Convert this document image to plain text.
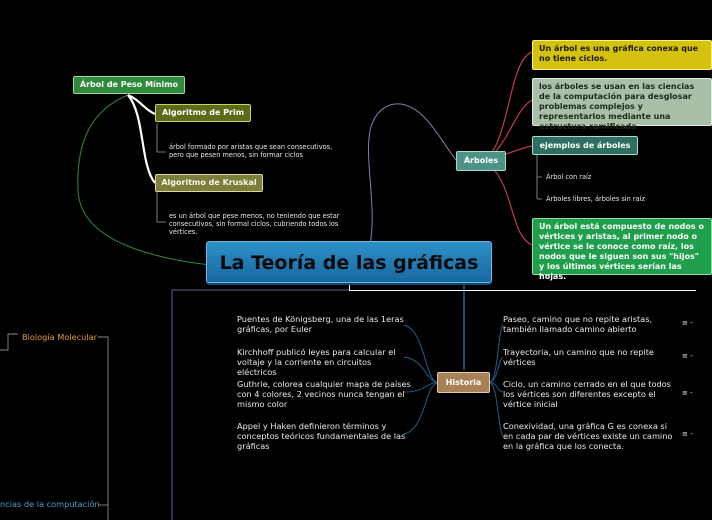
Árbol de Peso Mínimo
Algoritmo de Prim
árbol formado por aristas que sean consecutivos, pero que pesen menos, sin formar ciclos
Algoritmo de Kruskal
es un árbol que pese menos, no teniendo que estar consecutivos, sin formal ciclos, cubriendo todos los vértices.
Árboles
Un árbol es una gráfica conexa que no tiene ciclos.
los árboles se usan en las ciencias de la computación para desglosar problemas complejos y representarlos mediante una estructura ramificada
ejemplos de árboles
Árbol con raíz
Árboles libres, árboles sin raíz
Un árbol está compuesto de nodos o vértices y aristas, al primer nodo o vértice se le conoce como raíz, los nodos que le siguen son sus "hijos" y los últimos vértices serían las hojas.
La Teoría de las gráficas
Historia
Puentes de Königsberg, una de las 1eras gráficas, por Euler
Kirchhoff publicó leyes para calcular el voltaje y la corriente en circuitos eléctricos
Guthrie, colorea cualquier mapa de países con 4 colores, 2 vecinos nunca tengan el mismo color
Appel y Haken definieron términos y conceptos teóricos fundamentales de las gráficas
Paseo, camino que no repite aristas, también llamado camino abierto
Trayectoria, un camino que no repite vértices
Ciclo, un camino cerrado en el que todos los vértices son diferentes excepto el vértice inicial
Conexividad, una gráfica G es conexa si en cada par de vértices existe un camino en la gráfica que los conecta.
≡ -
≡ -
≡ -
≡ -
Biología Molecular
ncias de la computación
